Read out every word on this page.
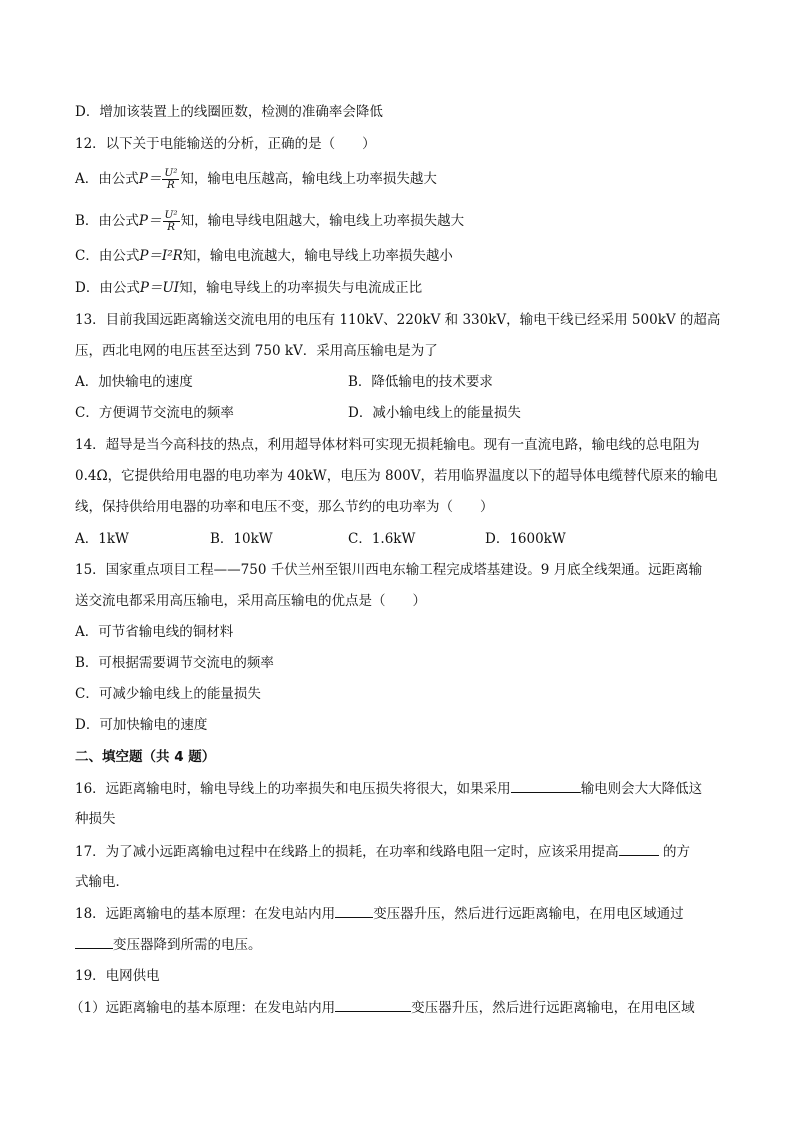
D．增加该装置上的线圈匝数，检测的准确率会降低
12．以下关于电能输送的分析，正确的是（　　）
A．由公式$P= \frac{\text{U²}}{R}$ 知，输电电压越高，输电线上功率损失越大
B．由公式$P= \frac{\text{U²}}{R}$ 知，输电导线电阻越大，输电线上功率损失越大
C．由公式P＝I²R知，输电电流越大，输电导线上功率损失越小
D．由公式P＝UI知，输电导线上的功率损失与电流成正比
13．目前我国远距离输送交流电用的电压有 110kV、220kV 和 330kV，输电干线已经采用 500kV 的超高
压，西北电网的电压甚至达到 750 kV．采用高压输电是为了
A．加快输电的速度	B．降低输电的技术要求
C．方便调节交流电的频率	D．减小输电线上的能量损失
14．超导是当今高科技的热点，利用超导体材料可实现无损耗输电。现有一直流电路，输电线的总电阻为
0.4Ω，它提供给用电器的电功率为 40kW，电压为 800V，若用临界温度以下的超导体电缆替代原来的输电
线，保持供给用电器的功率和电压不变，那么节约的电功率为（　　）
A．1kW	B．10kW	C．1.6kW	D．1600kW
15．国家重点项目工程——750 千伏兰州至银川西电东输工程完成塔基建设。9 月底全线架通。远距离输
送交流电都采用高压输电，采用高压输电的优点是（　　）
A．可节省输电线的铜材料
B．可根据需要调节交流电的频率
C．可减少输电线上的能量损失
D．可加快输电的速度
二、填空题（共 4 题）
16．远距离输电时，输电导线上的功率损失和电压损失将很大，如果采用	输电则会大大降低这
种损失
17．为了减小远距离输电过程中在线路上的损耗，在功率和线路电阻一定时，应该采用提高	的方
式输电．
18．远距离输电的基本原理：在发电站内用	变压器升压，然后进行远距离输电，在用电区域通过
变压器降到所需的电压。
19．电网供电
（1）远距离输电的基本原理：在发电站内用	变压器升压，然后进行远距离输电，在用电区域
